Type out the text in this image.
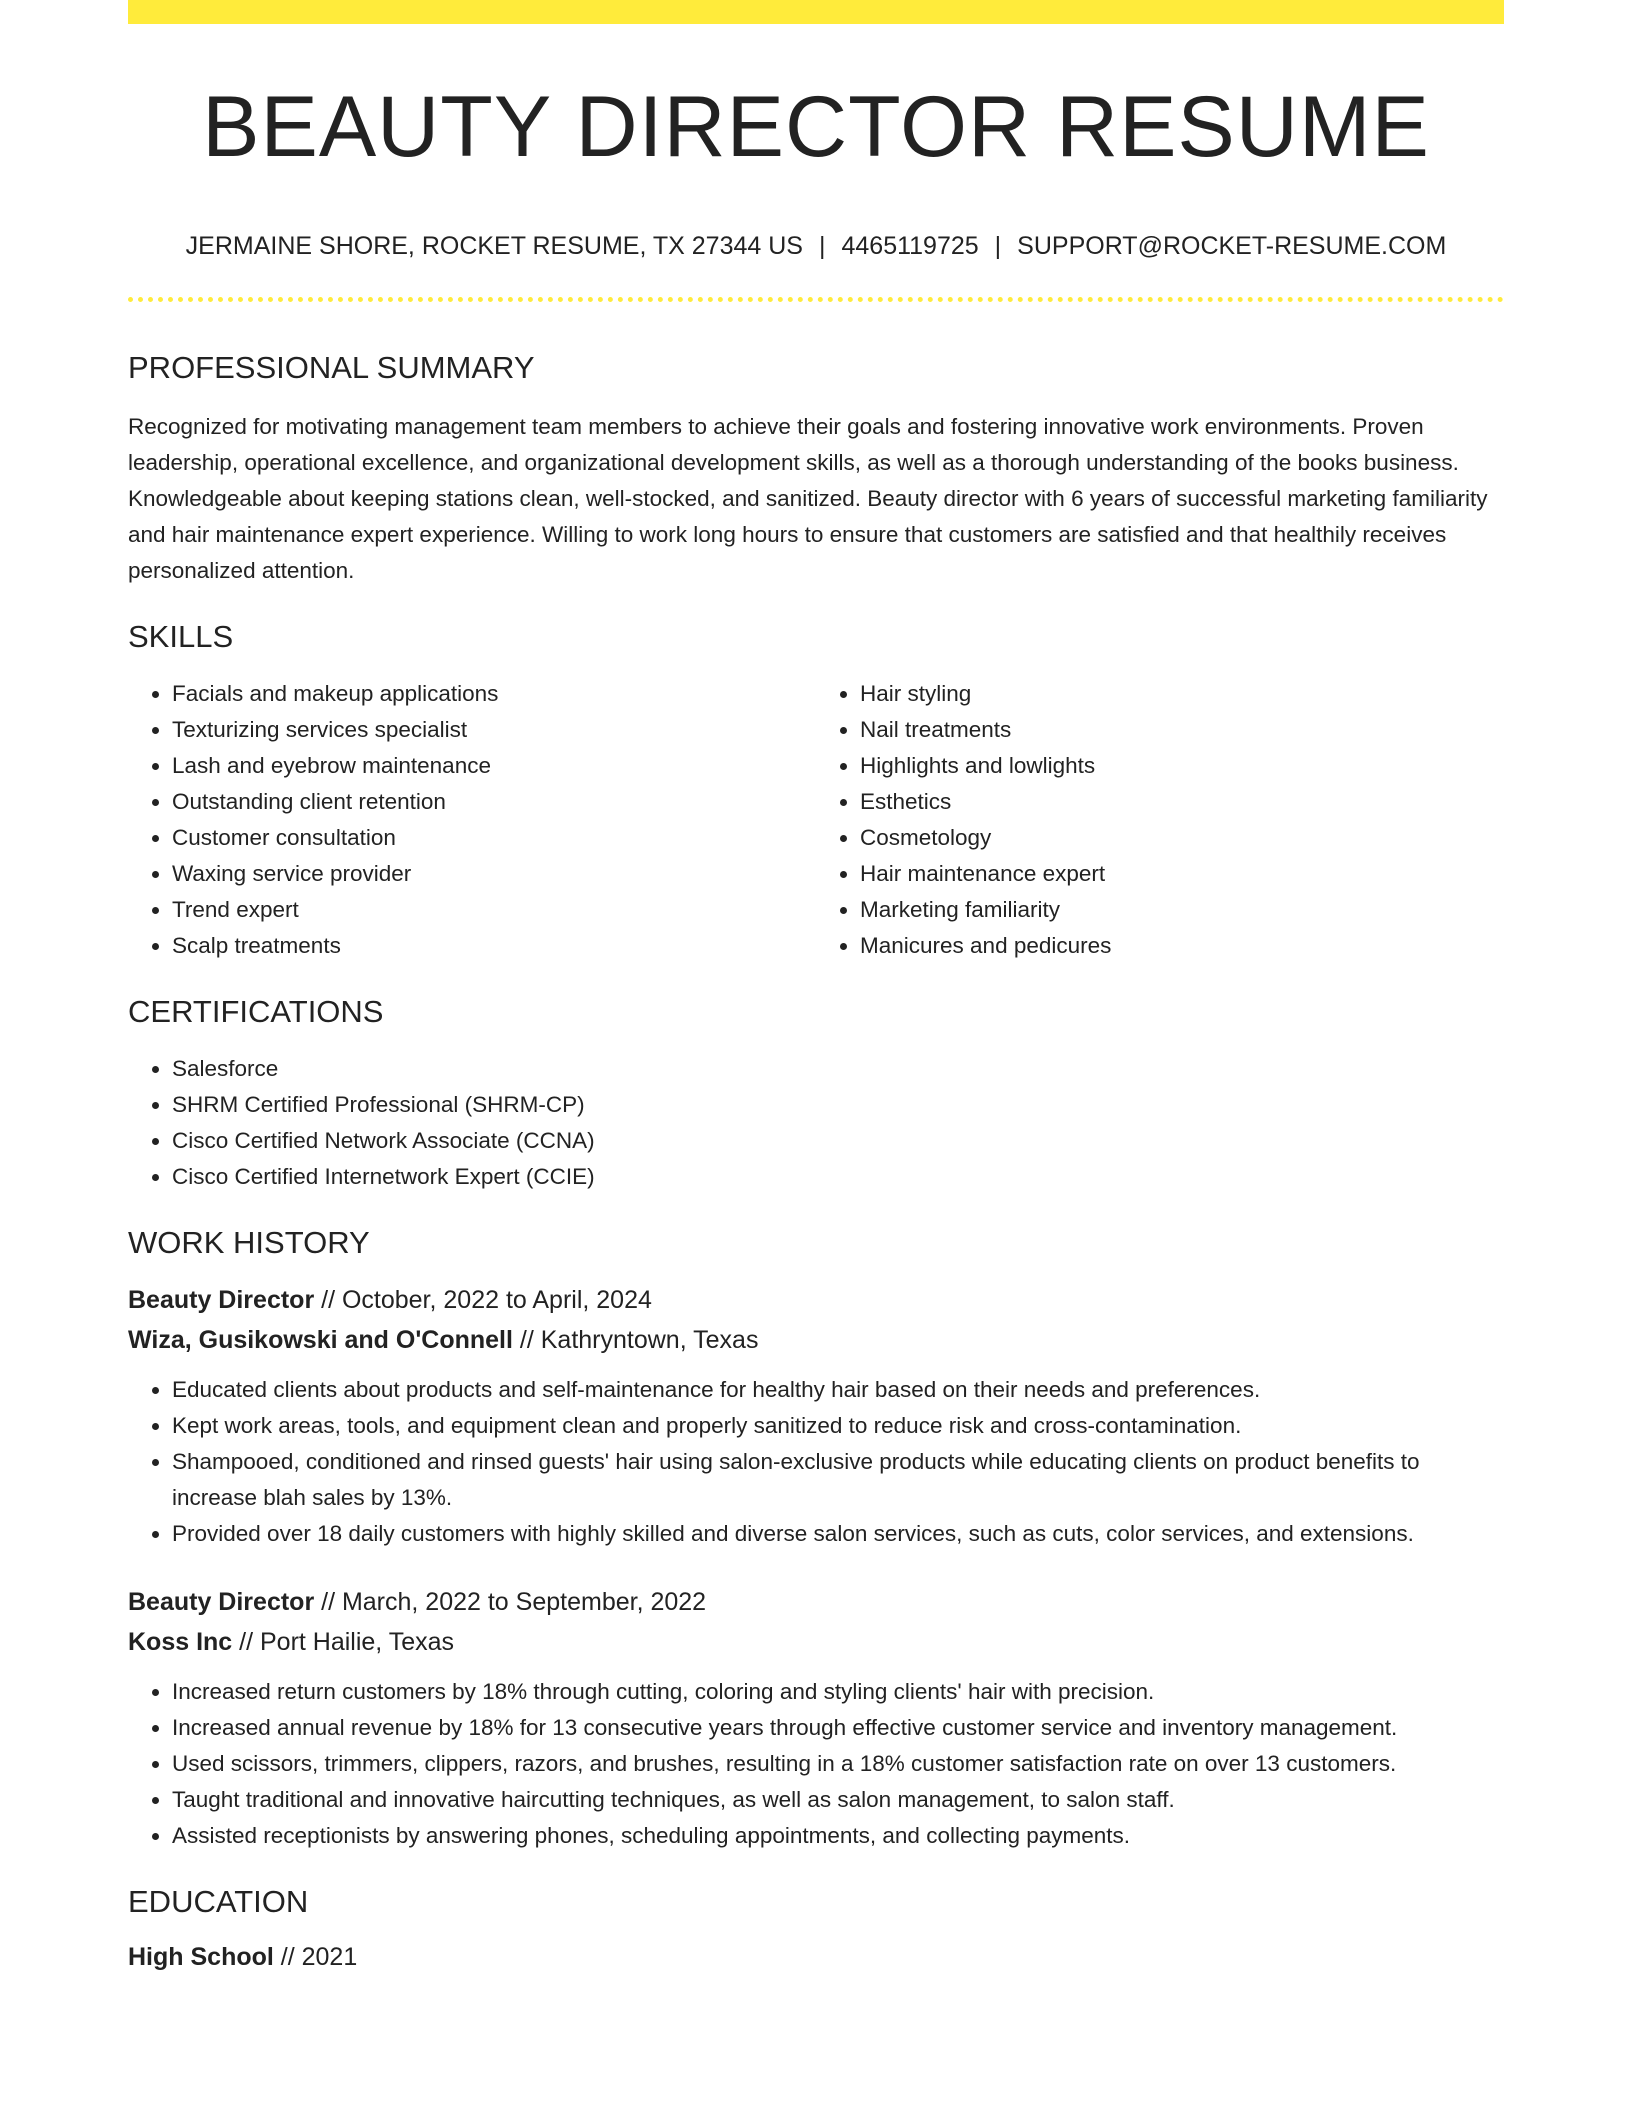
BEAUTY DIRECTOR RESUME
JERMAINE SHORE, ROCKET RESUME, TX 27344 US | 4465119725 | SUPPORT@ROCKET-RESUME.COM
PROFESSIONAL SUMMARY

Recognized for motivating management team members to achieve their goals and fostering innovative work environments. Proven leadership, operational excellence, and organizational development skills, as well as a thorough understanding of the books business. Knowledgeable about keeping stations clean, well-stocked, and sanitized. Beauty director with 6 years of successful marketing familiarity and hair maintenance expert experience. Willing to work long hours to ensure that customers are satisfied and that healthily receives personalized attention.

SKILLS
• Facials and makeup applications
• Texturizing services specialist
• Lash and eyebrow maintenance
• Outstanding client retention
• Customer consultation
• Waxing service provider
• Trend expert
• Scalp treatments
• Hair styling
• Nail treatments
• Highlights and lowlights
• Esthetics
• Cosmetology
• Hair maintenance expert
• Marketing familiarity
• Manicures and pedicures
CERTIFICATIONS
• Salesforce
• SHRM Certified Professional (SHRM-CP)
• Cisco Certified Network Associate (CCNA)
• Cisco Certified Internetwork Expert (CCIE)
WORK HISTORY

Beauty Director // October, 2022 to April, 2024

Wiza, Gusikowski and O'Connell // Kathryntown, Texas

• Educated clients about products and self-maintenance for healthy hair based on their needs and preferences.
• Kept work areas, tools, and equipment clean and properly sanitized to reduce risk and cross-contamination.
• Shampooed, conditioned and rinsed guests' hair using salon-exclusive products while educating clients on product benefits to increase blah sales by 13%.
• Provided over 18 daily customers with highly skilled and diverse salon services, such as cuts, color services, and extensions.

Beauty Director // March, 2022 to September, 2022

Koss Inc // Port Hailie, Texas

• Increased return customers by 18% through cutting, coloring and styling clients' hair with precision.
• Increased annual revenue by 18% for 13 consecutive years through effective customer service and inventory management.
• Used scissors, trimmers, clippers, razors, and brushes, resulting in a 18% customer satisfaction rate on over 13 customers.
• Taught traditional and innovative haircutting techniques, as well as salon management, to salon staff.
• Assisted receptionists by answering phones, scheduling appointments, and collecting payments.
EDUCATION

High School // 2021
